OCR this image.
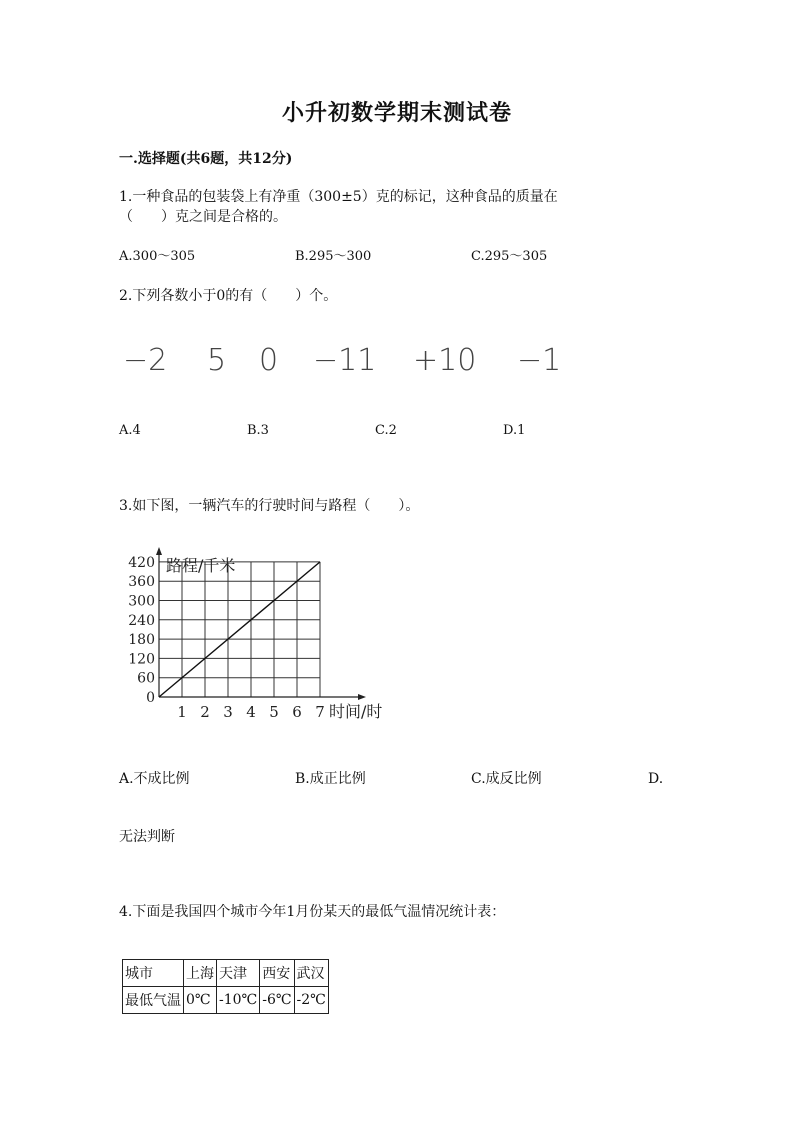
小升初数学期末测试卷
一.选择题(共6题，共12分)
1.一种食品的包装袋上有净重（300±5）克的标记，这种食品的质量在
（　　）克之间是合格的。
A.300～305	B.295～300	C.295～305
2.下列各数小于0的有（　　）个。
−2 5 0 −11 +10 −1
A.4	B.3	C.2	D.1
3.如下图，一辆汽车的行驶时间与路程（　　）。
1 2 3 4 5 6 7
0
60
120
180
240
300
360
420 路程/千米
时间/时
A.不成比例	B.成正比例	C.成反比例	D.
无法判断
4.下面是我国四个城市今年1月份某天的最低气温情况统计表：
城市	上海	天津	西安	武汉
最低气温	0℃	-10℃	-6℃	-2℃
